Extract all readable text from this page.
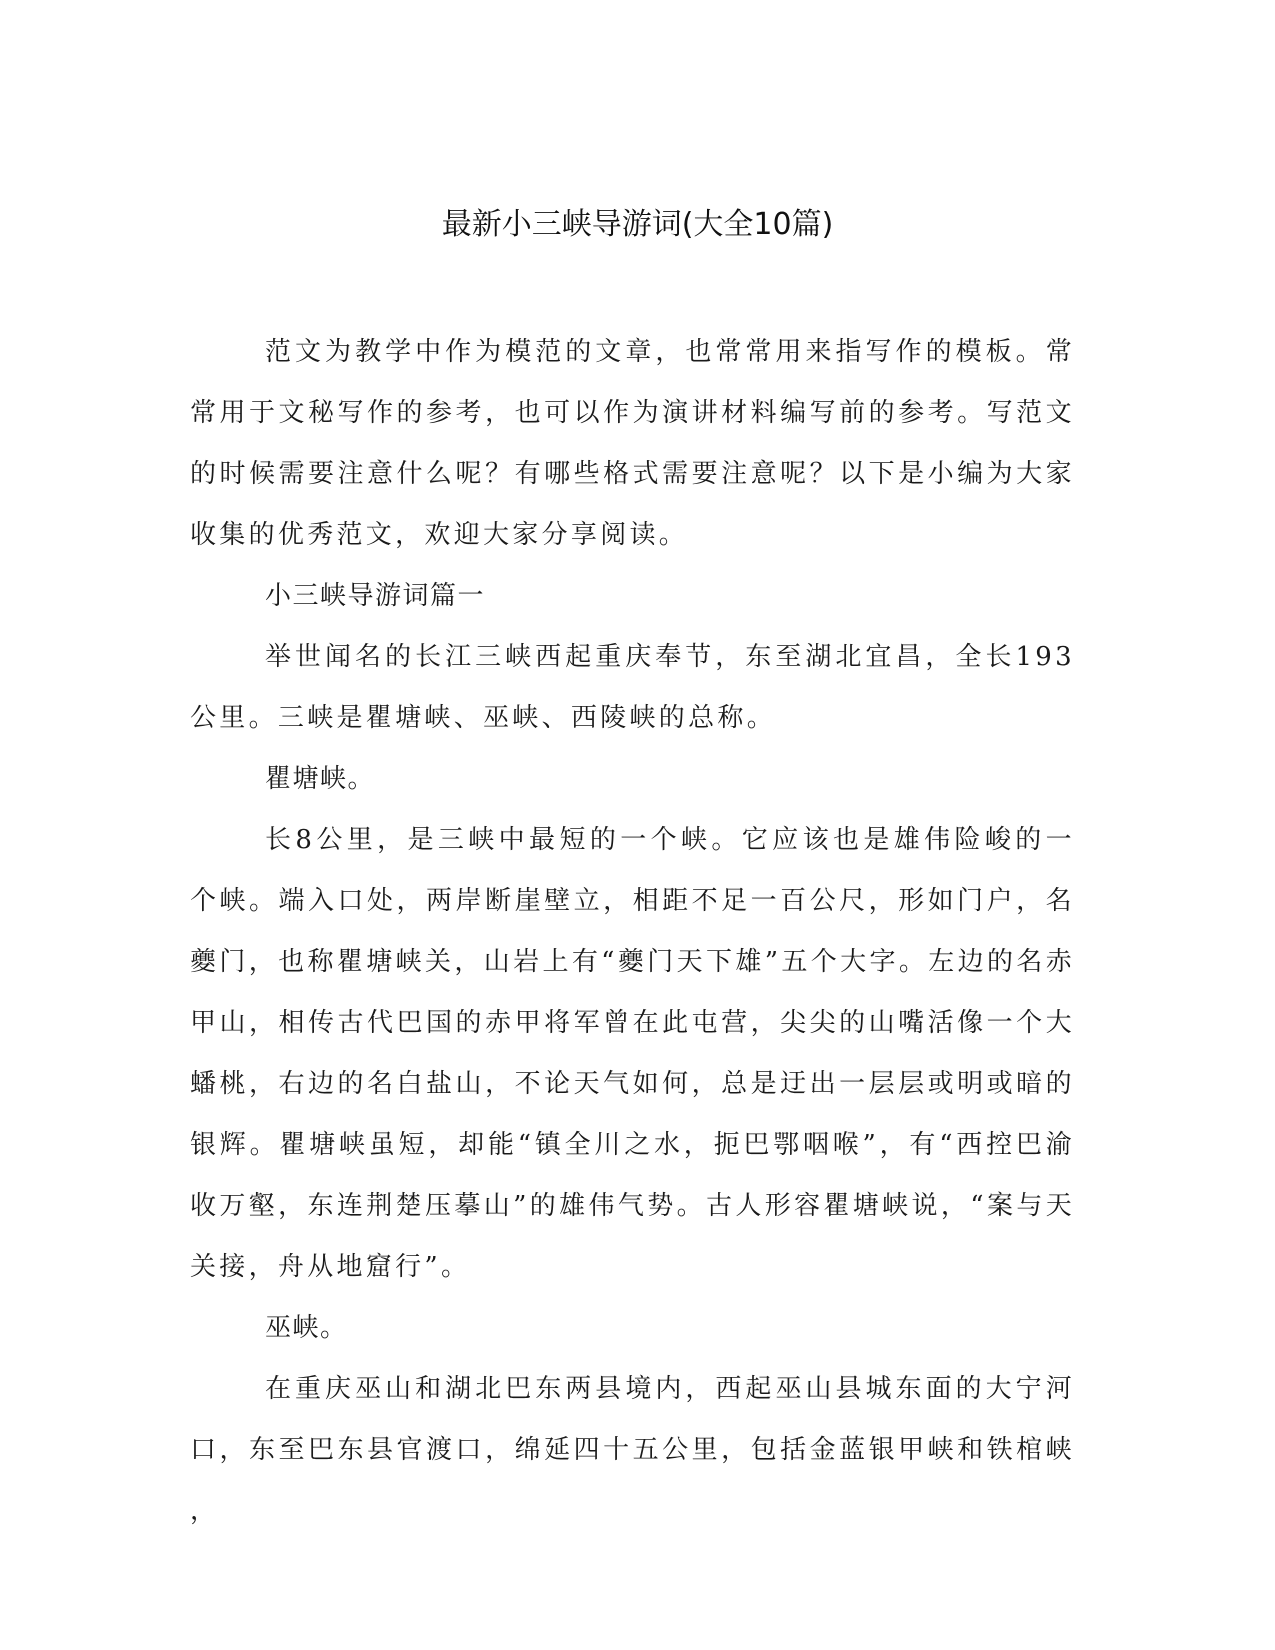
最新小三峡导游词(大全10篇)

范文为教学中作为模范的文章，也常常用来指写作的模板。常常用于文秘写作的参考，也可以作为演讲材料编写前的参考。写范文的时候需要注意什么呢？有哪些格式需要注意呢？以下是小编为大家收集的优秀范文，欢迎大家分享阅读。

小三峡导游词篇一

举世闻名的长江三峡西起重庆奉节，东至湖北宜昌，全长193公里。三峡是瞿塘峡、巫峡、西陵峡的总称。

瞿塘峡。

长8公里，是三峡中最短的一个峡。它应该也是雄伟险峻的一个峡。端入口处，两岸断崖壁立，相距不足一百公尺，形如门户，名夔门，也称瞿塘峡关，山岩上有“夔门天下雄”五个大字。左边的名赤甲山，相传古代巴国的赤甲将军曾在此屯营，尖尖的山嘴活像一个大蟠桃，右边的名白盐山，不论天气如何，总是迂出一层层或明或暗的银辉。瞿塘峡虽短，却能“镇全川之水，扼巴鄂咽喉”，有“西控巴渝收万壑，东连荆楚压摹山”的雄伟气势。古人形容瞿塘峡说，“案与天关接，舟从地窟行”。

巫峡。

在重庆巫山和湖北巴东两县境内，西起巫山县城东面的大宁河口，东至巴东县官渡口，绵延四十五公里，包括金蓝银甲峡和铁棺峡，
